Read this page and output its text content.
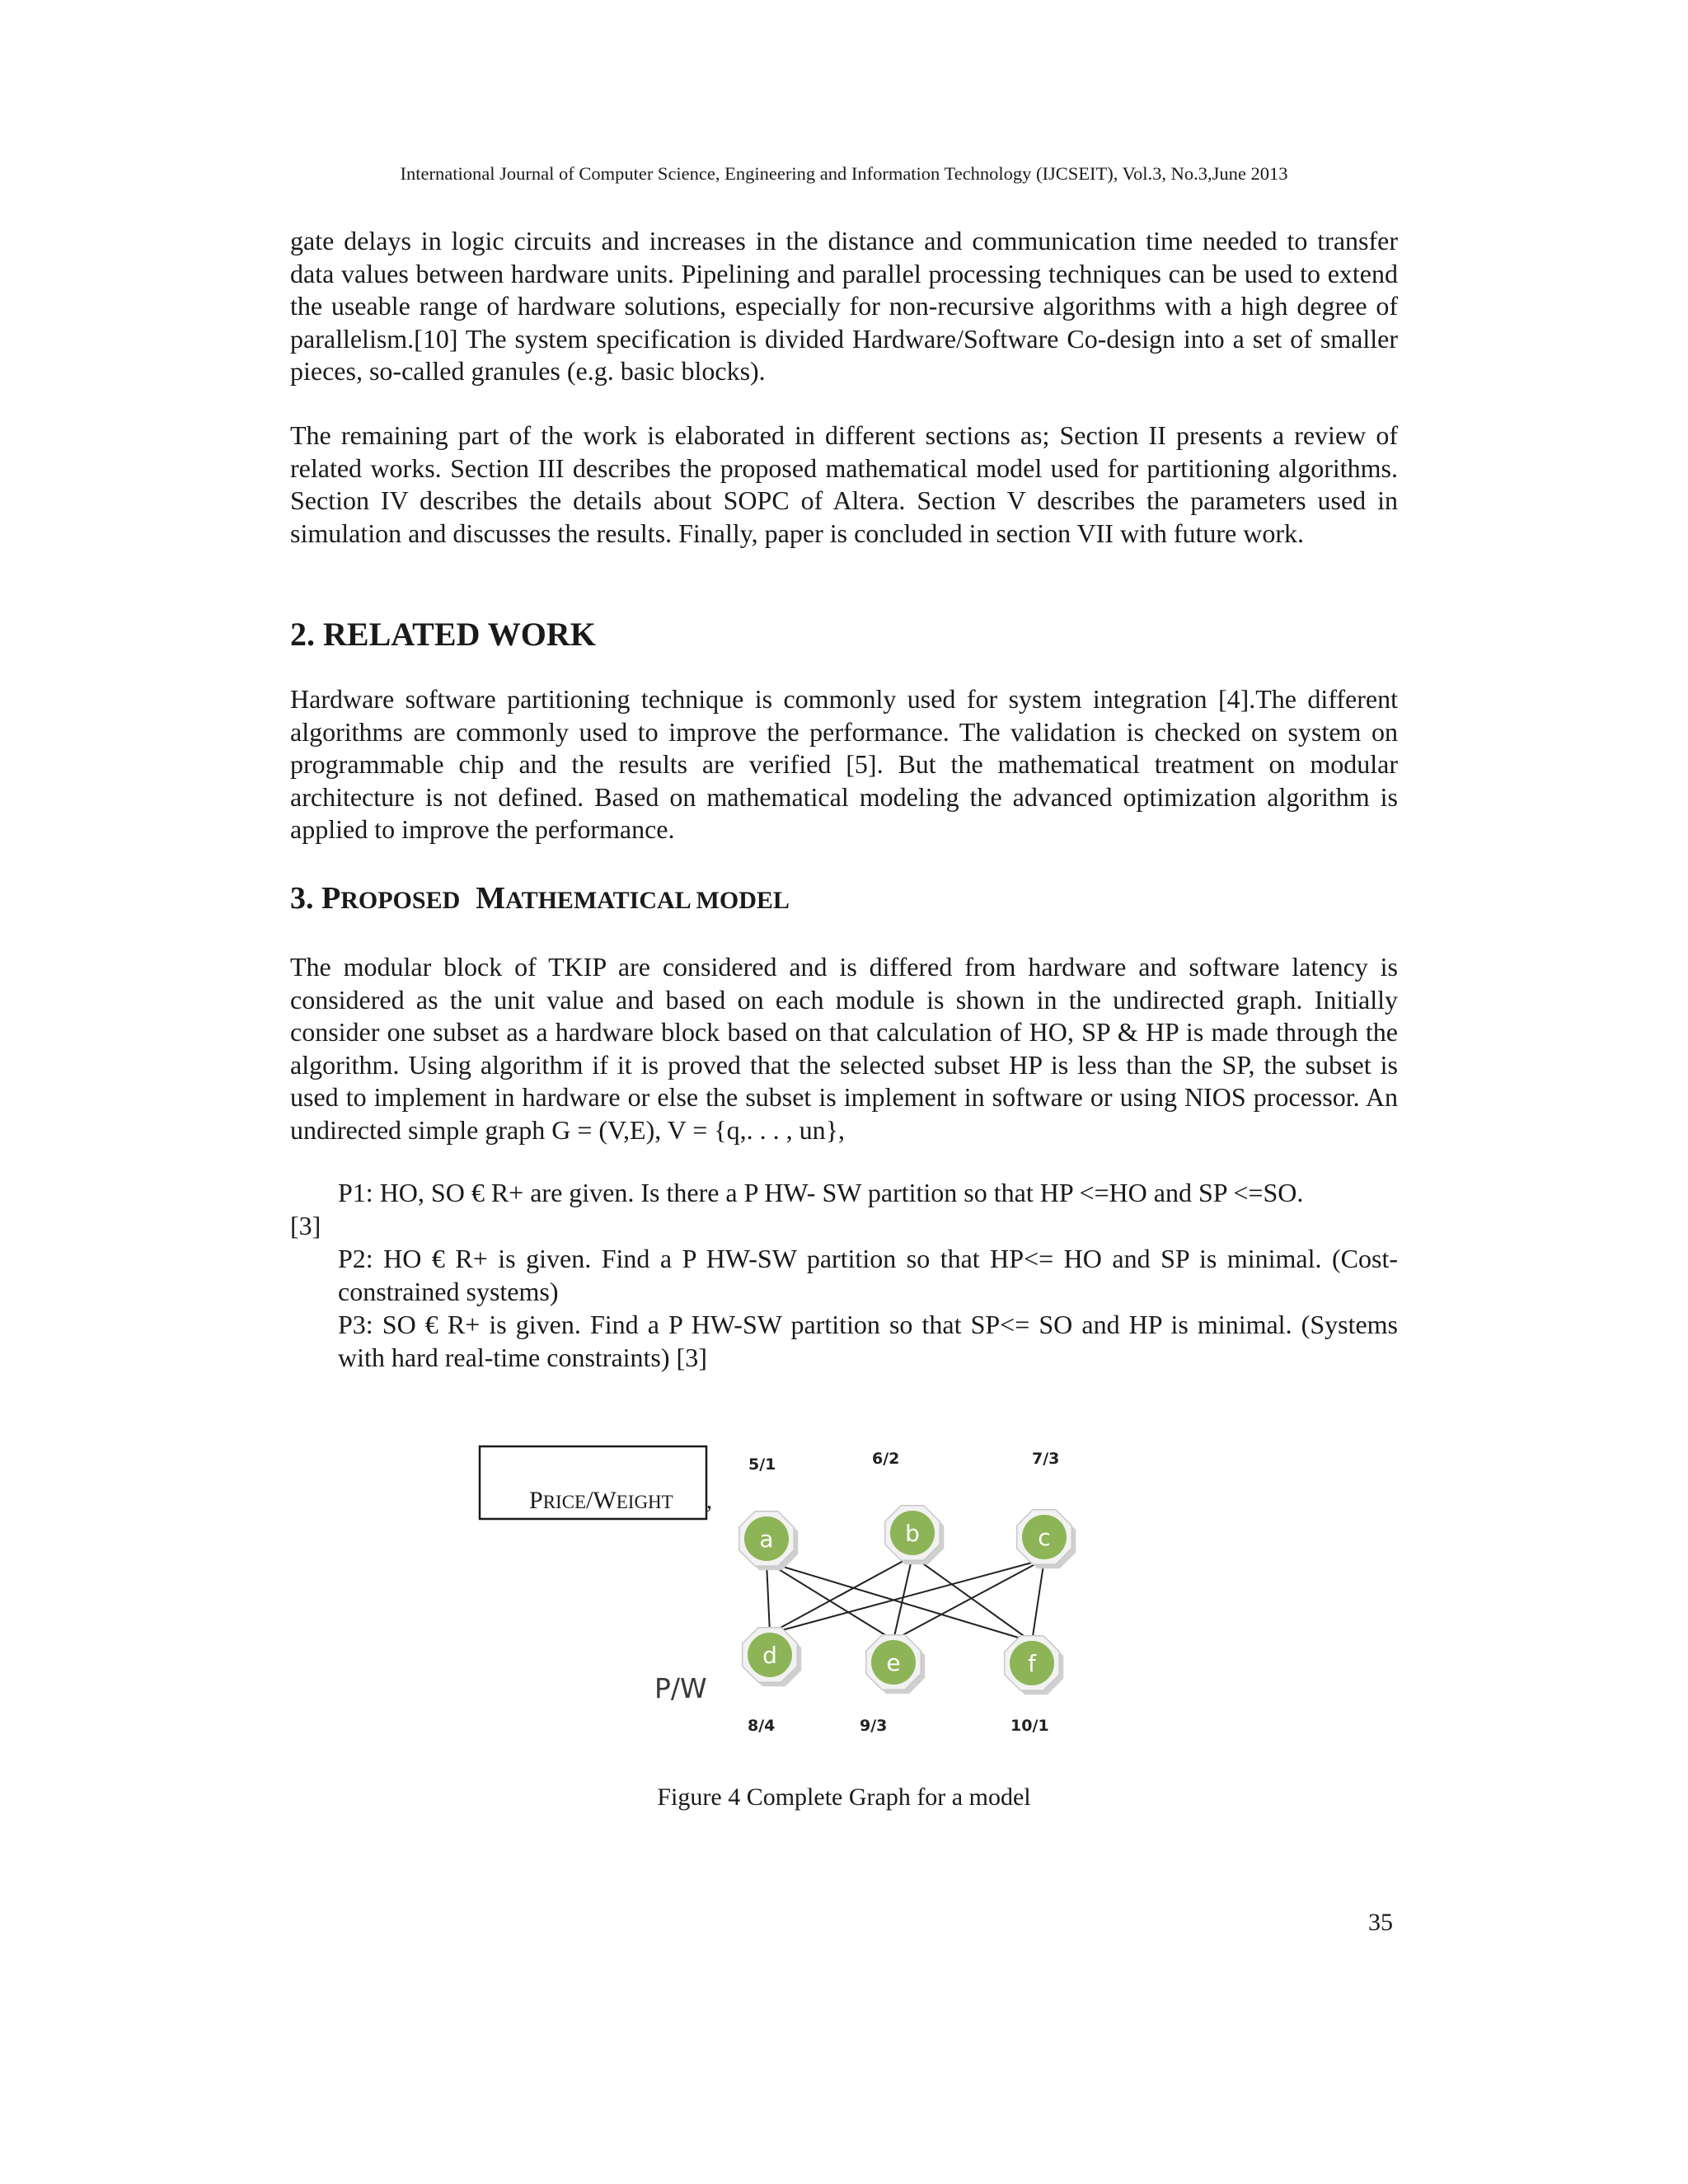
International Journal of Computer Science, Engineering and Information Technology (IJCSEIT), Vol.3, No.3,June 2013

gate delays in logic circuits and increases in the distance and communication time needed to transfer data values between hardware units. Pipelining and parallel processing techniques can be used to extend the useable range of hardware solutions, especially for non-recursive algorithms with a high degree of parallelism.[10] The system specification is divided Hardware/Software Co-design into a set of smaller pieces, so-called granules (e.g. basic blocks).

The remaining part of the work is elaborated in different sections as; Section II presents a review of related works. Section III describes the proposed mathematical model used for partitioning algorithms. Section IV describes the details about SOPC of Altera. Section V describes the parameters used in simulation and discusses the results. Finally, paper is concluded in section VII with future work.

2. RELATED WORK

Hardware software partitioning technique is commonly used for system integration [4].The different algorithms are commonly used to improve the performance. The validation is checked on system on programmable chip and the results are verified [5]. But the mathematical treatment on modular architecture is not defined. Based on mathematical modeling the advanced optimization algorithm is applied to improve the performance.

3. PROPOSED MATHEMATICAL MODEL

The modular block of TKIP are considered and is differed from hardware and software latency is considered as the unit value and based on each module is shown in the undirected graph. Initially consider one subset as a hardware block based on that calculation of HO, SP & HP is made through the algorithm. Using algorithm if it is proved that the selected subset HP is less than the SP, the subset is used to implement in hardware or else the subset is implement in software or using NIOS processor. An undirected simple graph G = (V,E), V = {q,. . . , un},

P1: HO, SO € R+ are given. Is there a P HW- SW partition so that HP <=HO and SP <=SO.

[3]

P2: HO € R+ is given. Find a P HW-SW partition so that HP<= HO and SP is minimal. (Cost-constrained systems)

P3: SO € R+ is given. Find a P HW-SW partition so that SP<= SO and HP is minimal. (Systems with hard real-time constraints) [3]

PRICE/WEIGHT ,
P/W
a
5/1
b
6/2
c
7/3
d
8/4
e
9/3
f
10/1
Figure 4 Complete Graph for a model
35
